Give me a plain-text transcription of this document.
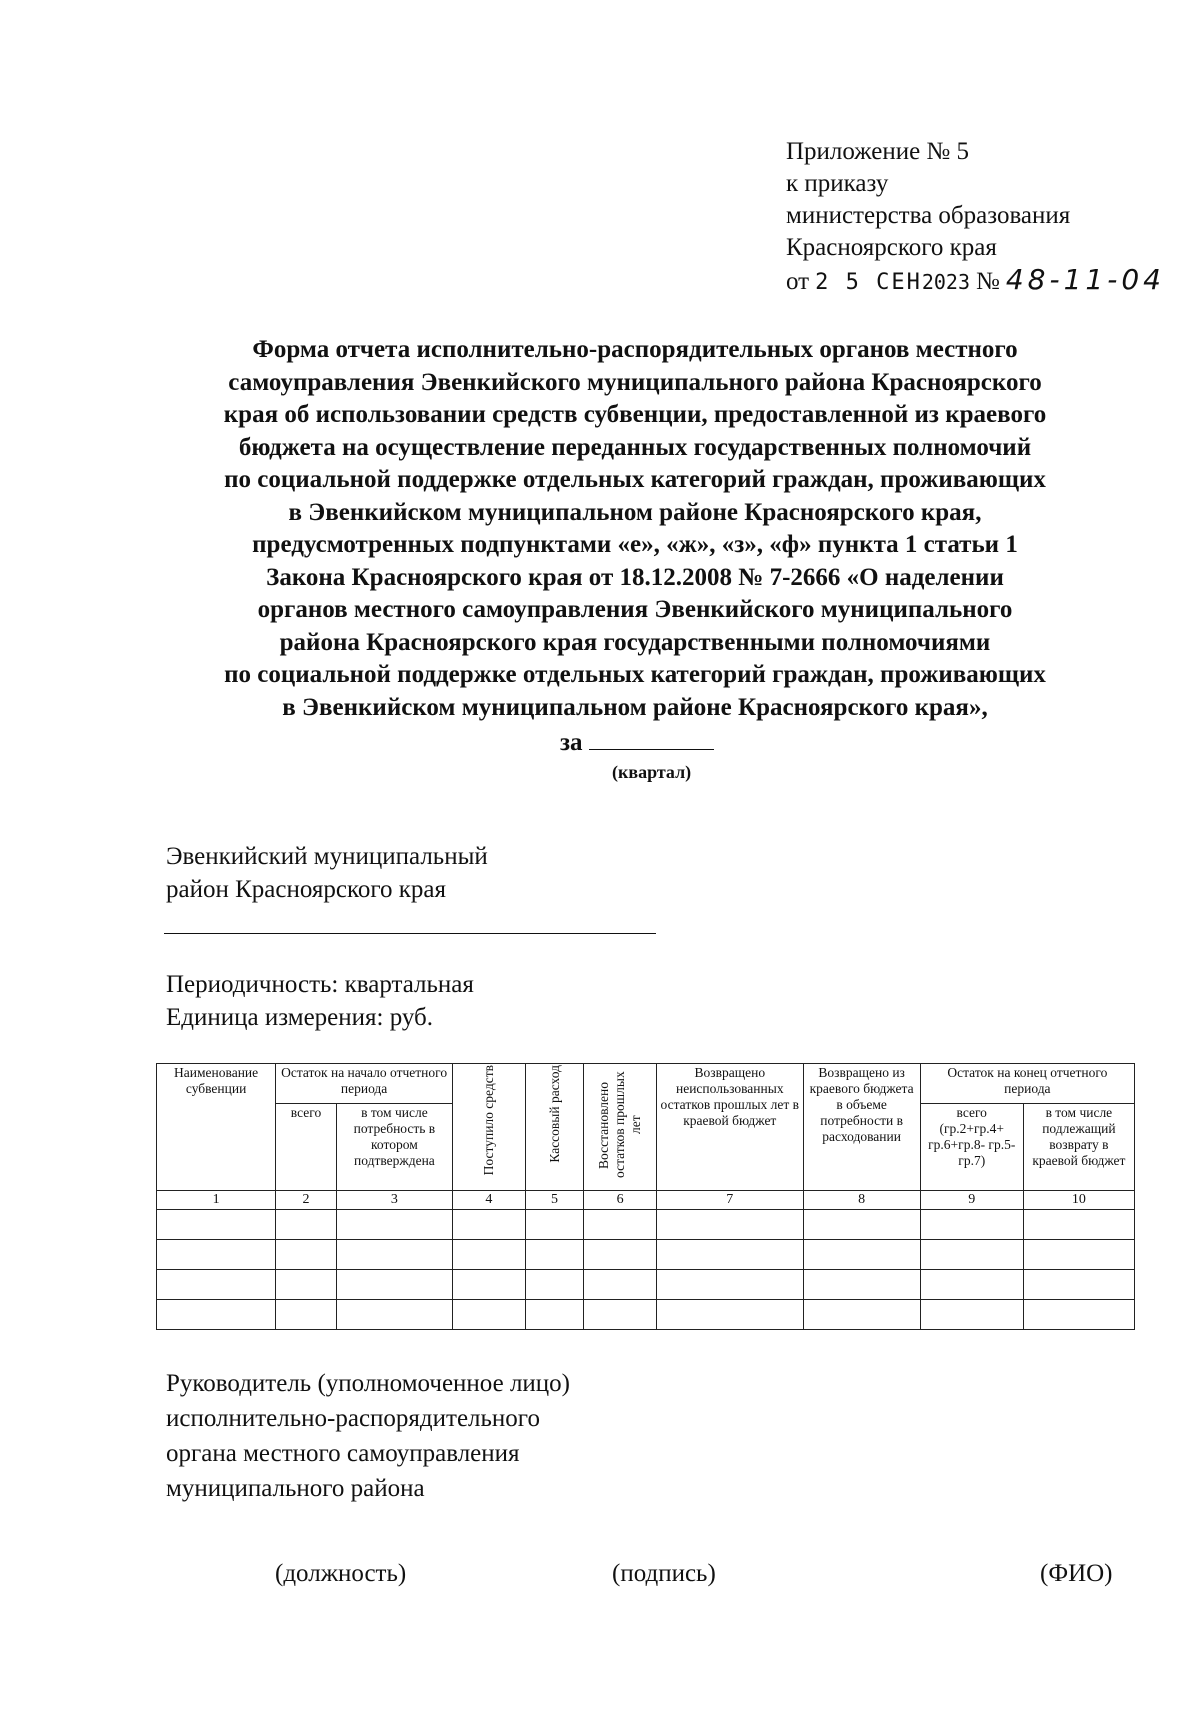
Приложение № 5
к приказу
министерства образования
Красноярского края
от 2 5 СЕН2023 № 48-11-04
Форма отчета исполнительно-распорядительных органов местного
самоуправления Эвенкийского муниципального района Красноярского
края об использовании средств субвенции, предоставленной из краевого
бюджета на осуществление переданных государственных полномочий
по социальной поддержке отдельных категорий граждан, проживающих
в Эвенкийском муниципальном районе Красноярского края,
предусмотренных подпунктами «е», «ж», «з», «ф» пункта 1 статьи 1
Закона Красноярского края от 18.12.2008 № 7-2666 «О наделении
органов местного самоуправления Эвенкийского муниципального
района Красноярского края государственными полномочиями
по социальной поддержке отдельных категорий граждан, проживающих
в Эвенкийском муниципальном районе Красноярского края»,
за
(квартал)
Эвенкийский муниципальный
район Красноярского края
Периодичность: квартальная
Единица измерения: руб.
Наименование субвенции	Остаток на начало отчетного периода		Поступило средств	Кассовый расход	Восстановлено остатков прошлых лет	Возвращено неиспользованных остатков прошлых лет в краевой бюджет	Возвращено из краевого бюджета в объеме потребности в расходовании	Остаток на конец отчетного периода	
	всего	в том числе потребность в котором подтверждена						всего (гр.2+гр.4+ гр.6+гр.8- гр.5-гр.7)	в том числе подлежащий возврату в краевой бюджет
1	2	3	4	5	6	7	8	9	10

Руководитель (уполномоченное лицо)
исполнительно-распорядительного
органа местного самоуправления
муниципального района
(должность)	(подпись)	(ФИО)
